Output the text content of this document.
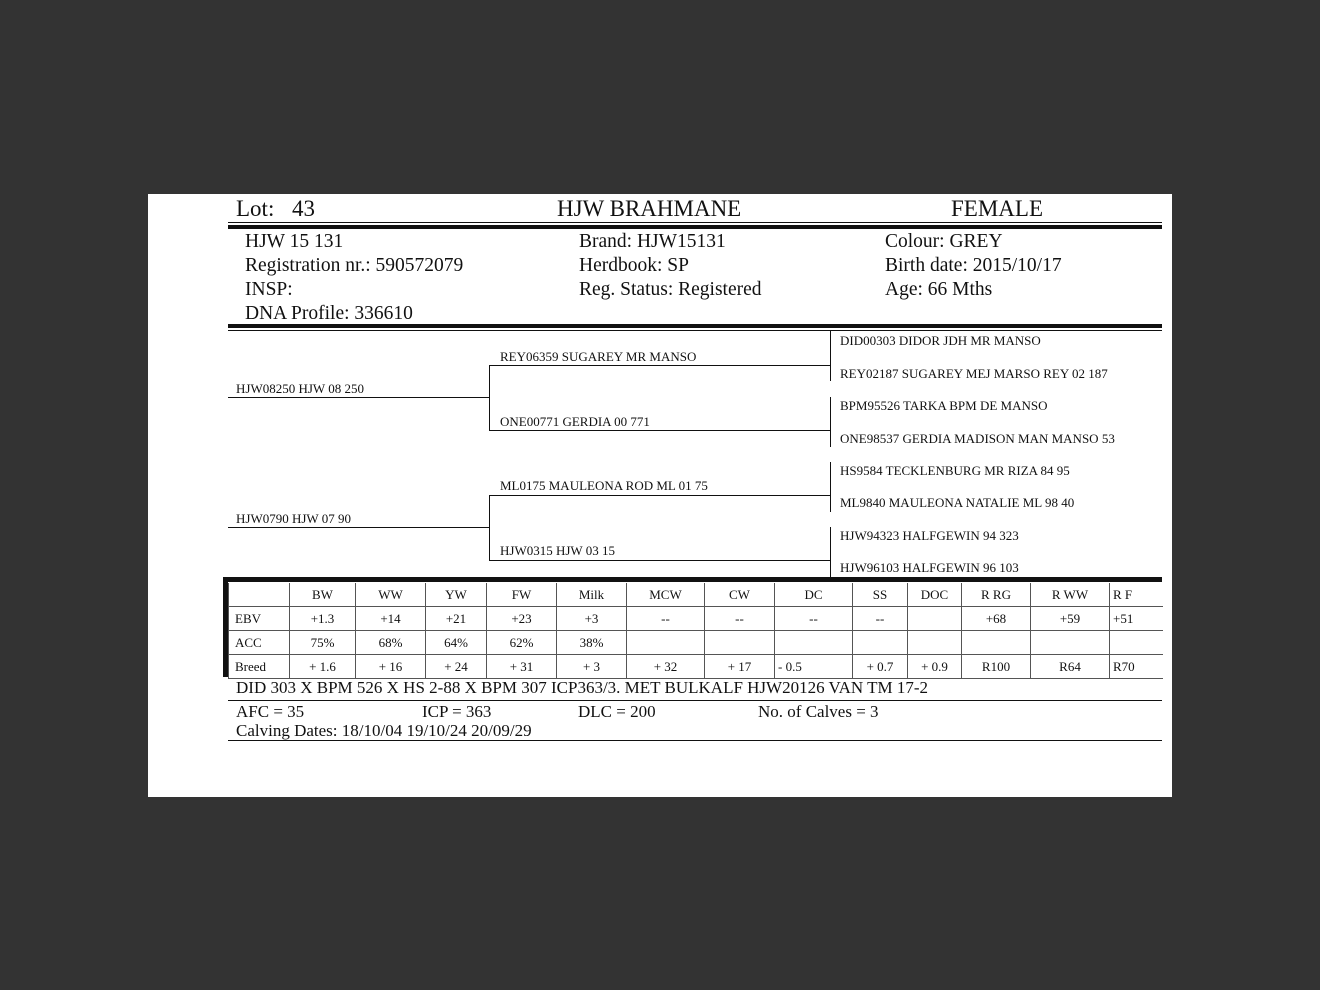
Lot: 43	HJW BRAHMANE	FEMALE
HJW 15 131
Registration nr.: 590572079
INSP:
DNA Profile: 336610
Brand: HJW15131
Herdbook: SP
Reg. Status: Registered
Colour: GREY
Birth date: 2015/10/17
Age: 66 Mths
HJW08250 HJW 08 250
HJW0790 HJW 07 90
REY06359 SUGAREY MR MANSO
ONE00771 GERDIA 00 771
ML0175 MAULEONA ROD ML 01 75
HJW0315 HJW 03 15
DID00303 DIDOR JDH MR MANSO
REY02187 SUGAREY MEJ MARSO REY 02 187
BPM95526 TARKA BPM DE MANSO
ONE98537 GERDIA MADISON MAN MANSO 53
HS9584 TECKLENBURG MR RIZA 84 95
ML9840 MAULEONA NATALIE ML 98 40
HJW94323 HALFGEWIN 94 323
HJW96103 HALFGEWIN 96 103
	BW	WW	YW	FW	Milk	MCW	CW	DC	SS	DOC	R RG	R WW	R F
EBV	+1.3	+14	+21	+23	+3	--	--	--	--		+68	+59	+51
ACC	75%	68%	64%	62%	38%								
Breed	+ 1.6	+ 16	+ 24	+ 31	+ 3	+ 32	+ 17	- 0.5	+ 0.7	+ 0.9	R100	R64	R70
DID 303 X BPM 526 X HS 2-88 X BPM 307 ICP363/3. MET BULKALF HJW20126 VAN TM 17-2
AFC = 35	ICP = 363	DLC = 200	No. of Calves = 3
Calving Dates: 18/10/04 19/10/24 20/09/29
